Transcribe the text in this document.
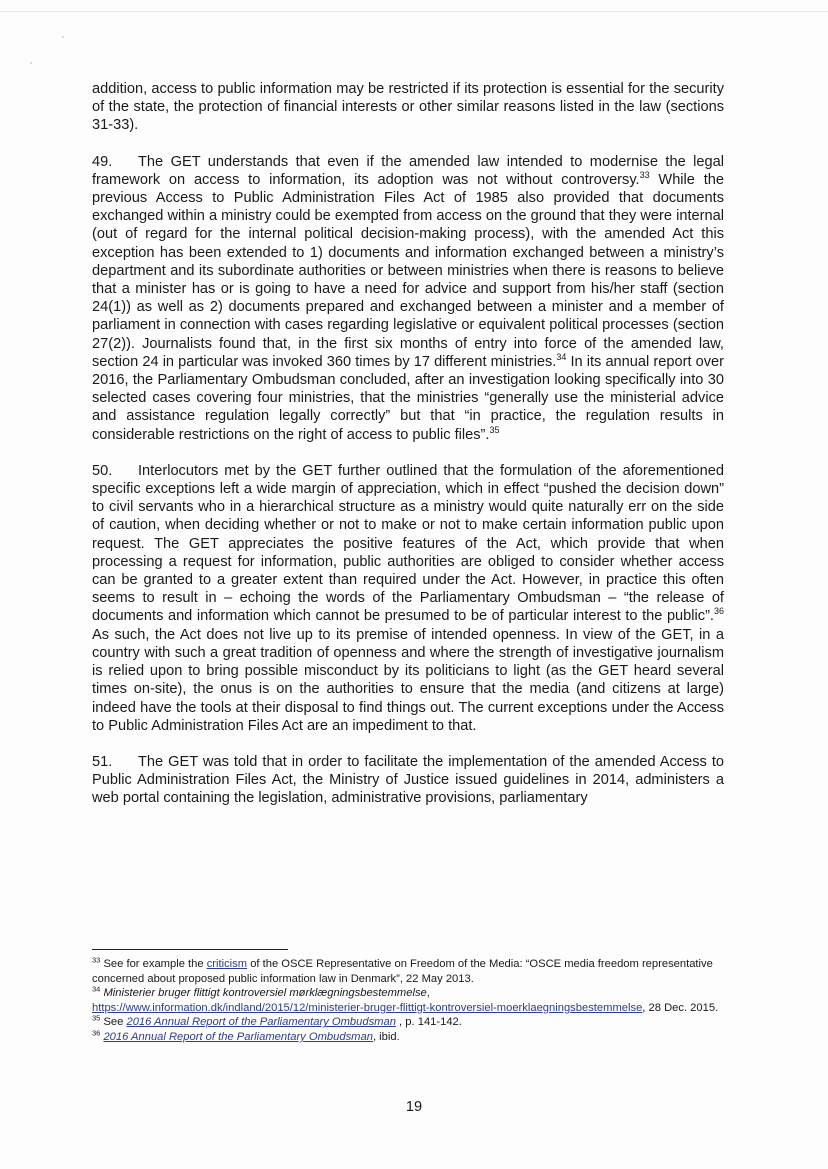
addition, access to public information may be restricted if its protection is essential for the security of the state, the protection of financial interests or other similar reasons listed in the law (sections 31-33).

49. The GET understands that even if the amended law intended to modernise the legal framework on access to information, its adoption was not without controversy.$^{33}$ While the previous Access to Public Administration Files Act of 1985 also provided that documents exchanged within a ministry could be exempted from access on the ground that they were internal (out of regard for the internal political decision-making process), with the amended Act this exception has been extended to 1) documents and information exchanged between a ministry’s department and its subordinate authorities or between ministries when there is reasons to believe that a minister has or is going to have a need for advice and support from his/her staff (section 24(1)) as well as 2) documents prepared and exchanged between a minister and a member of parliament in connection with cases regarding legislative or equivalent political processes (section 27(2)). Journalists found that, in the first six months of entry into force of the amended law, section 24 in particular was invoked 360 times by 17 different ministries.$^{34}$ In its annual report over 2016, the Parliamentary Ombudsman concluded, after an investigation looking specifically into 30 selected cases covering four ministries, that the ministries “generally use the ministerial advice and assistance regulation legally correctly” but that “in practice, the regulation results in considerable restrictions on the right of access to public files”.$^{35}$

50. Interlocutors met by the GET further outlined that the formulation of the aforementioned specific exceptions left a wide margin of appreciation, which in effect “pushed the decision down” to civil servants who in a hierarchical structure as a ministry would quite naturally err on the side of caution, when deciding whether or not to make or not to make certain information public upon request. The GET appreciates the positive features of the Act, which provide that when processing a request for information, public authorities are obliged to consider whether access can be granted to a greater extent than required under the Act. However, in practice this often seems to result in – echoing the words of the Parliamentary Ombudsman – “the release of documents and information which cannot be presumed to be of particular interest to the public”.$^{36}$ As such, the Act does not live up to its premise of intended openness. In view of the GET, in a country with such a great tradition of openness and where the strength of investigative journalism is relied upon to bring possible misconduct by its politicians to light (as the GET heard several times on-site), the onus is on the authorities to ensure that the media (and citizens at large) indeed have the tools at their disposal to find things out. The current exceptions under the Access to Public Administration Files Act are an impediment to that.

51. The GET was told that in order to facilitate the implementation of the amended Access to Public Administration Files Act, the Ministry of Justice issued guidelines in 2014, administers a web portal containing the legislation, administrative provisions, parliamentary

$^{33}$ See for example the criticism of the OSCE Representative on Freedom of the Media: “OSCE media freedom representative concerned about proposed public information law in Denmark”, 22 May 2013.

$^{34}$ Ministerier bruger flittigt kontroversiel mørklægningsbestemmelse,
https://www.information.dk/indland/2015/12/ministerier-bruger-flittigt-kontroversiel-moerklaegningsbestemmelse, 28 Dec. 2015.

$^{35}$ See 2016 Annual Report of the Parliamentary Ombudsman , p. 141-142.

$^{36}$ 2016 Annual Report of the Parliamentary Ombudsman, ibid.

19
